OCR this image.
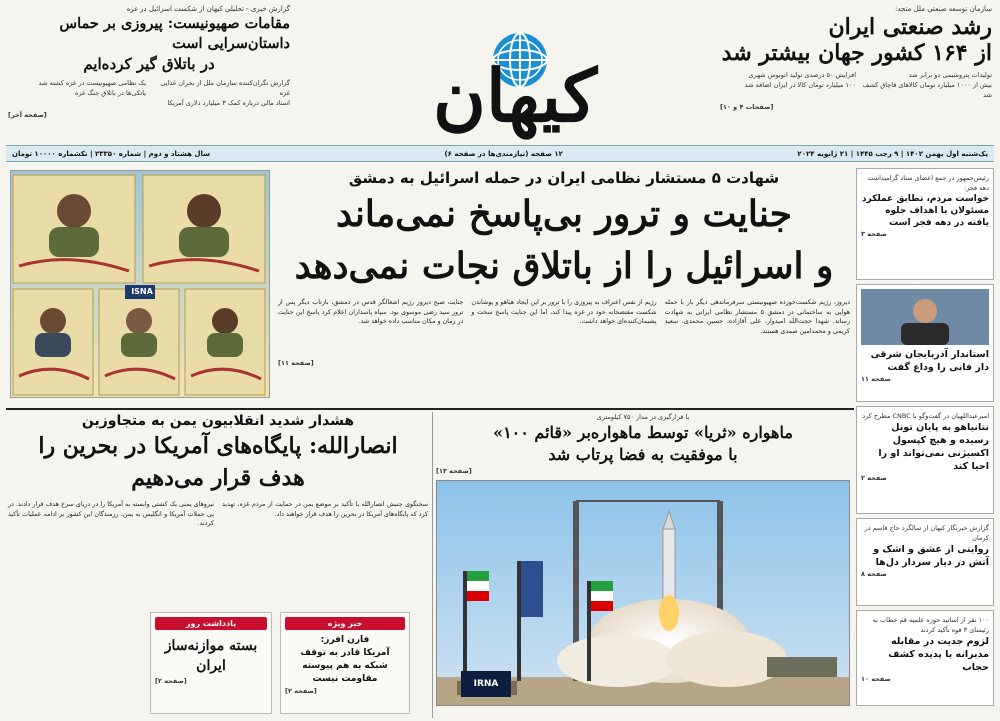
سازمان توسعه صنعتی ملل متحد:
رشد صنعتی ایران
از ۱۶۴ کشور جهان بیشتر شد
تولیدات پتروشیمی دو برابر شد
بیش از ۱۰۰۰ میلیارد تومان کالاهای قاچاق کشف شد
افزایش ۵۰ درصدی تولید اتوبوس شهری
۱۰۰ میلیارد تومان کالا در ایران اضافه شد
[صفحات ۴ و ۱۰]
کیهان
گزارش خبری - تحلیلی کیهان از شکست اسرائیل در غزه
مقامات صهیونیست: پیروزی بر حماس داستان‌سرایی است
در باتلاق گیر کرده‌ایم
گزارش نگران‌کننده سازمان ملل از بحران غذایی غزه
اسناد مالی درباره کمک ۳ میلیارد دلاری آمریکا
یک نظامی صهیونیست در غزه کشته شد
یانکی‌ها در باتلاق جنگ غزه
[صفحه آخر]
یک‌شنبه اول بهمن ۱۴۰۲ | ۹ رجب ۱۴۴۵ | ۲۱ ژانویه ۲۰۲۴
۱۲ صفحه (نیازمندی‌ها در صفحه ۶)
سال هشتاد و دوم | شماره ۲۳۳۵۰ | تکشماره ۱۰۰۰۰ تومان
شهادت ۵ مستشار نظامی ایران در حمله اسرائیل به دمشق
جنایت و ترور بی‌پاسخ نمی‌ماند
و اسرائیل را از باتلاق نجات نمی‌دهد
دیروز، رژیم شکست‌خورده صهیونیستی سرفرماندهی دیگر بار با حمله هوایی به ساختمانی در دمشق ۵ مستشار نظامی ایرانی به شهادت رساند. شهدا حجت‌الله امیدوار، علی آقازاده، حسین محمدی، سعید کریمی و محمدامین صمدی هستند.
رژیم از نفس اعتراف به پیروزی را با ترور بر این ایجاد هیاهو و پوشاندن شکست مفتضحانه خود در غزه پیدا کند، اما این جنایت پاسخ سخت و پشیمان‌کننده‌ای خواهد داشت.
جنایت صبح دیروز رژیم اشغالگر قدس در دمشق، بازتاب دیگر پس از ترور سید رضی موسوی بود. سپاه پاسداران اعلام کرد پاسخ این جنایت در زمان و مکان مناسب داده خواهد شد.
[صفحه ۱۱]
ISNA
رئیس‌جمهور در جمع اعضای ستاد گرامیداشت دهه فجر:
خواست مردم، تطابق عملکرد مسئولان با اهداف جلوه یافته در دهه فجر است
صفحه ۳
استاندار آذربایجان شرقی دار فانی را وداع گفت
صفحه ۱۱
امیرعبداللهیان در گفت‌وگو با CNBC مطرح کرد
نتانیاهو به پایان تونل رسیده و هیچ کپسول اکسیژنی نمی‌تواند او را احیا کند
صفحه ۲
گزارش خبرنگار کیهان از سالگرد حاج قاسم در کرمان
روایتی از عشق و اشک و آتش در دیار سردار دل‌ها
صفحه ۸
۱۰۰ نفر از اساتید حوزه علمیه قم خطاب به رئیسای ۳ قوه تأکید کردند
لزوم جدیت در مقابله مدبرانه با پدیده کشف حجاب
صفحه ۱۰
با قرارگیری در مدار ۷۵۰ کیلومتری
ماهواره «ثریا» توسط ماهواره‌بر «قائم ۱۰۰»
با موفقیت به فضا پرتاب شد
[صفحه ۱۳]
IRNA
هشدار شدید انقلابیون یمن به متجاوزین
انصارالله: پایگاه‌های آمریکا در بحرین را
هدف قرار می‌دهیم
سخنگوی جنبش انصارالله با تأکید بر موضع یمن در حمایت از مردم غزه، تهدید کرد که پایگاه‌های آمریکا در بحرین را هدف قرار خواهند داد.
نیروهای یمنی یک کشتی وابسته به آمریکا را در دریای سرخ هدف قرار دادند. در پی حملات آمریکا و انگلیس به یمن، رزمندگان این کشور بر ادامه عملیات تأکید کردند.
یادداشت روز
بسته موازنه‌ساز
ایران
[صفحه ۲]
خبر ویژه
فارن افرز:
آمریکا قادر به توقف
شبکه به هم پیوسته مقاومت نیست
[صفحه ۲]
